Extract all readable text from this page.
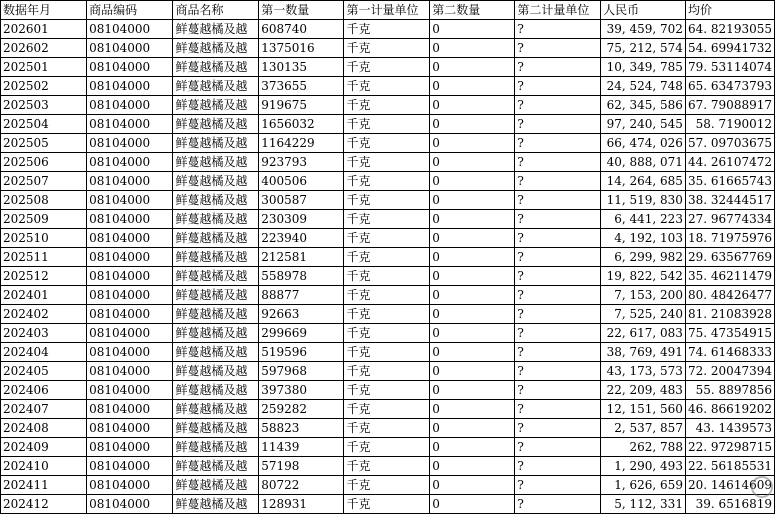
数据年月	商品编码	商品名称	第一数量	第一计量单位	第二数量	第二计量单位	人民币	均价
202601	08104000	鲜蔓越橘及越	608740	千克	0	?	39, 459, 702	64. 82193055
202602	08104000	鲜蔓越橘及越	1375016	千克	0	?	75, 212, 574	54. 69941732
202501	08104000	鲜蔓越橘及越	130135	千克	0	?	10, 349, 785	79. 53114074
202502	08104000	鲜蔓越橘及越	373655	千克	0	?	24, 524, 748	65. 63473793
202503	08104000	鲜蔓越橘及越	919675	千克	0	?	62, 345, 586	67. 79088917
202504	08104000	鲜蔓越橘及越	1656032	千克	0	?	97, 240, 545	58. 7190012
202505	08104000	鲜蔓越橘及越	1164229	千克	0	?	66, 474, 026	57. 09703675
202506	08104000	鲜蔓越橘及越	923793	千克	0	?	40, 888, 071	44. 26107472
202507	08104000	鲜蔓越橘及越	400506	千克	0	?	14, 264, 685	35. 61665743
202508	08104000	鲜蔓越橘及越	300587	千克	0	?	11, 519, 830	38. 32444517
202509	08104000	鲜蔓越橘及越	230309	千克	0	?	6, 441, 223	27. 96774334
202510	08104000	鲜蔓越橘及越	223940	千克	0	?	4, 192, 103	18. 71975976
202511	08104000	鲜蔓越橘及越	212581	千克	0	?	6, 299, 982	29. 63567769
202512	08104000	鲜蔓越橘及越	558978	千克	0	?	19, 822, 542	35. 46211479
202401	08104000	鲜蔓越橘及越	88877	千克	0	?	7, 153, 200	80. 48426477
202402	08104000	鲜蔓越橘及越	92663	千克	0	?	7, 525, 240	81. 21083928
202403	08104000	鲜蔓越橘及越	299669	千克	0	?	22, 617, 083	75. 47354915
202404	08104000	鲜蔓越橘及越	519596	千克	0	?	38, 769, 491	74. 61468333
202405	08104000	鲜蔓越橘及越	597968	千克	0	?	43, 173, 573	72. 20047394
202406	08104000	鲜蔓越橘及越	397380	千克	0	?	22, 209, 483	55. 8897856
202407	08104000	鲜蔓越橘及越	259282	千克	0	?	12, 151, 560	46. 86619202
202408	08104000	鲜蔓越橘及越	58823	千克	0	?	2, 537, 857	43. 1439573
202409	08104000	鲜蔓越橘及越	11439	千克	0	?	262, 788	22. 97298715
202410	08104000	鲜蔓越橘及越	57198	千克	0	?	1, 290, 493	22. 56185531
202411	08104000	鲜蔓越橘及越	80722	千克	0	?	1, 626, 659	20. 14614609
202412	08104000	鲜蔓越橘及越	128931	千克	0	?	5, 112, 331	39. 6516819
